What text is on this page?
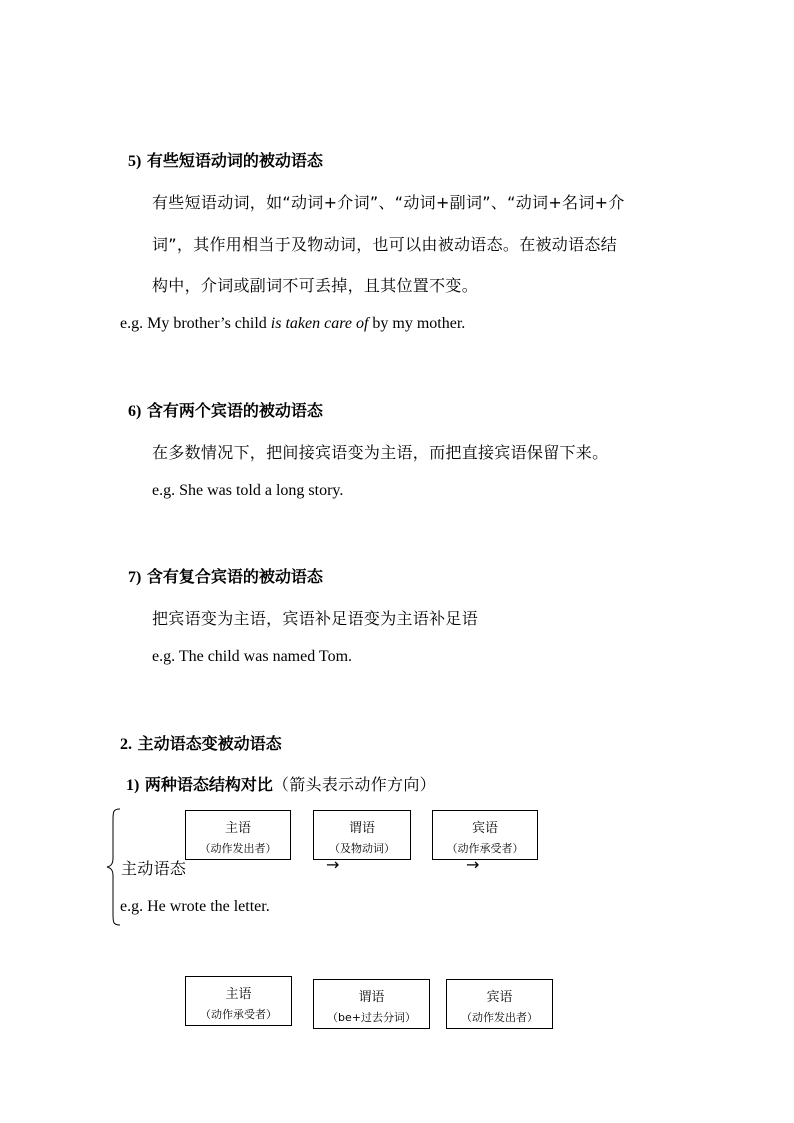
5) 有些短语动词的被动语态
有些短语动词，如“动词+介词”、“动词+副词”、“动词+名词+介
词”，其作用相当于及物动词，也可以由被动语态。在被动语态结
构中，介词或副词不可丢掉，且其位置不变。
e.g. My brother’s child is taken care of by my mother.
6) 含有两个宾语的被动语态
在多数情况下，把间接宾语变为主语，而把直接宾语保留下来。
e.g. She was told a long story.
7) 含有复合宾语的被动语态
把宾语变为主语，宾语补足语变为主语补足语
e.g. The child was named Tom.
2. 主动语态变被动语态
1) 两种语态结构对比（箭头表示动作方向）
主语
（动作发出者）
谓语
（及物动词）
宾语
（动作承受者）
主动语态	→	→
e.g. He wrote the letter.
主语
（动作承受者）
谓语
（be+过去分词）
宾语
（动作发出者）
